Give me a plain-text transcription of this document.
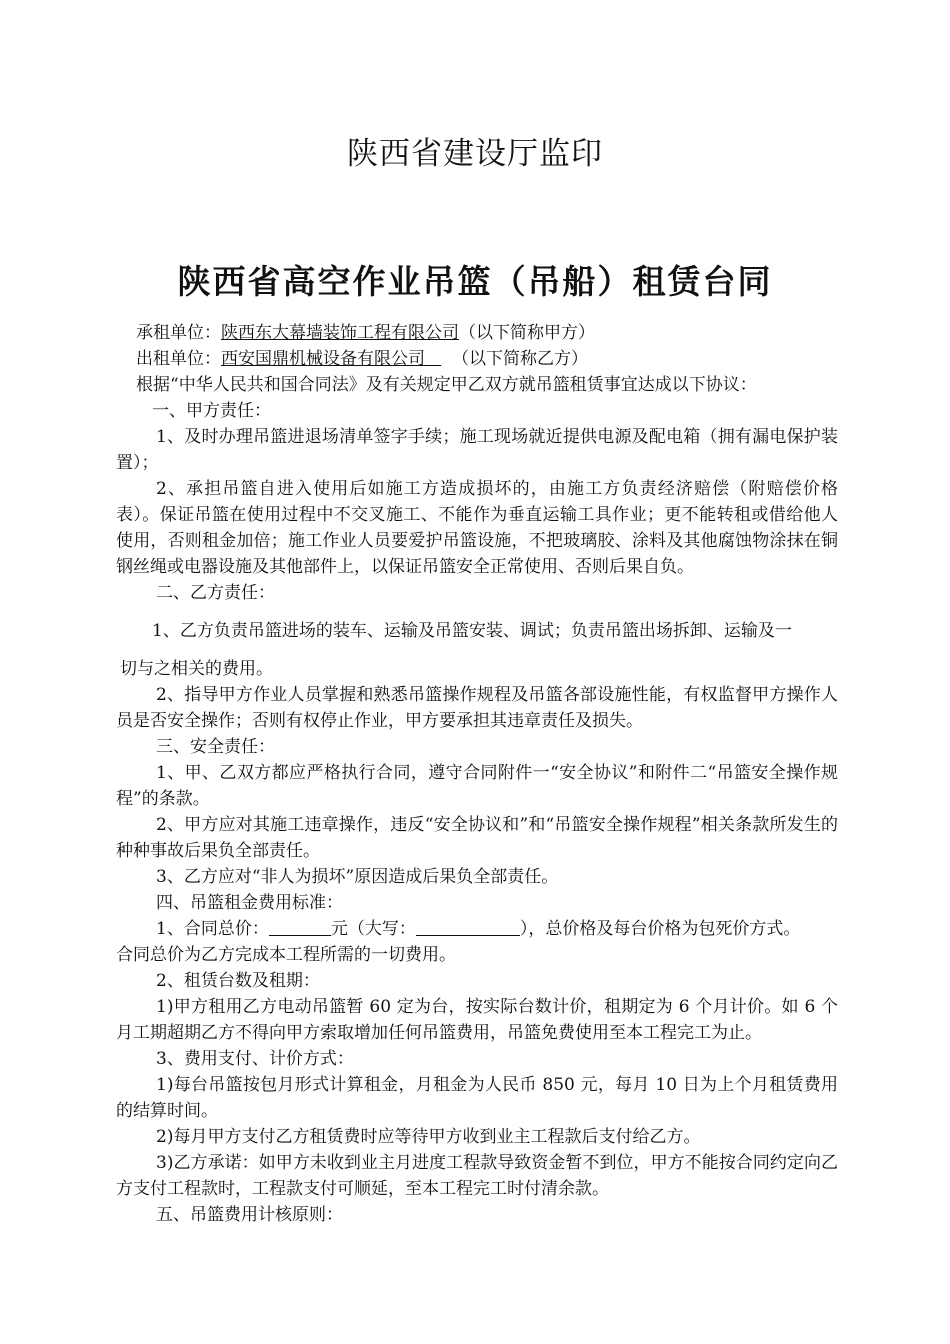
陕西省建设厅监印
陕西省高空作业吊篮（吊船）租赁台同
承租单位：陕西东大幕墙装饰工程有限公司（以下简称甲方）
出租单位：西安国鼎机械设备有限公司 （以下简称乙方）
根据“中华人民共和国合同法》及有关规定甲乙双方就吊篮租赁事宜达成以下协议：
一、甲方责任：
1、及时办理吊篮进退场清单签字手续；施工现场就近提供电源及配电箱（拥有漏电保护装置）；
2、承担吊篮自进入使用后如施工方造成损坏的，由施工方负责经济赔偿（附赔偿价格表）。保证吊篮在使用过程中不交叉施工、不能作为垂直运输工具作业；更不能转租或借给他人使用，否则租金加倍；施工作业人员要爱护吊篮设施，不把玻璃胶、涂料及其他腐蚀物涂抹在铜钢丝绳或电器设施及其他部件上，以保证吊篮安全正常使用、否则后果自负。
二、乙方责任：
1、乙方负责吊篮进场的装车、运输及吊篮安装、调试；负责吊篮出场拆卸、运输及一
切与之相关的费用。
2、指导甲方作业人员掌握和熟悉吊篮操作规程及吊篮各部设施性能，有权监督甲方操作人员是否安全操作；否则有权停止作业，甲方要承担其违章责任及损失。
三、安全责任：
1、甲、乙双方都应严格执行合同，遵守合同附件一“安全协议”和附件二“吊篮安全操作规程”的条款。
2、甲方应对其施工违章操作，违反“安全协议和”和“吊篮安全操作规程”相关条款所发生的种种事故后果负全部责任。
3、乙方应对“非人为损坏”原因造成后果负全部责任。
四、吊篮租金费用标准：
1、合同总价：	元（大写：	），总价格及每台价格为包死价方式。
合同总价为乙方完成本工程所需的一切费用。
2、租赁台数及租期：
1)甲方租用乙方电动吊篮暂 60 定为台，按实际台数计价，租期定为 6 个月计价。如 6 个月工期超期乙方不得向甲方索取增加任何吊篮费用，吊篮免费使用至本工程完工为止。
3、费用支付、计价方式：
1)每台吊篮按包月形式计算租金，月租金为人民币 850 元，每月 10 日为上个月租赁费用的结算时间。
2)每月甲方支付乙方租赁费时应等待甲方收到业主工程款后支付给乙方。
3)乙方承诺：如甲方未收到业主月进度工程款导致资金暂不到位，甲方不能按合同约定向乙方支付工程款时，工程款支付可顺延，至本工程完工时付清余款。
五、吊篮费用计核原则：
